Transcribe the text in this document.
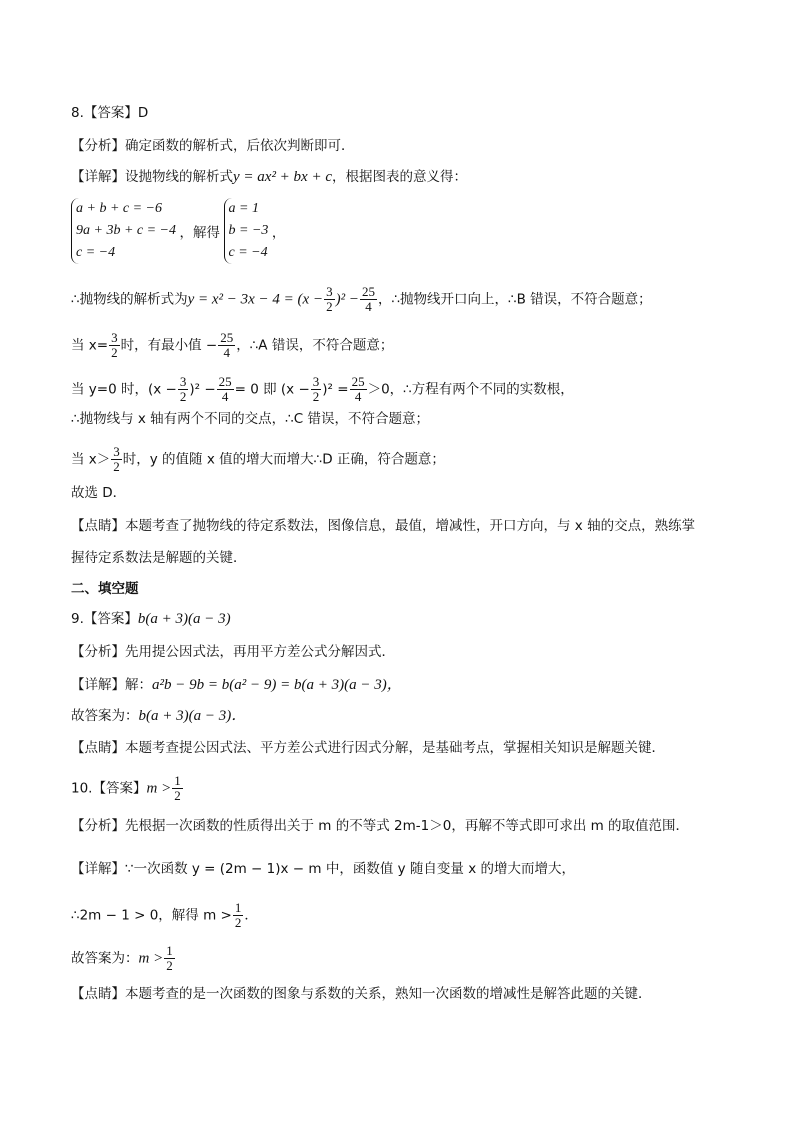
8.【答案】D
【分析】确定函数的解析式，后依次判断即可．
【详解】设抛物线的解析式y = ax² + bx + c，根据图表的意义得：
a + b + c = −6
9a + 3b + c = −4
c = −4
，解得
a = 1
b = −3
c = −4
，
∴抛物线的解析式为$y = x^2 - 3x - 4 = (x - \frac{3}{2} )^2 - \frac{25}{4}$ ，∴抛物线开口向上，∴B 错误，不符合题意；
当 $x= \frac{3}{2}$ 时，有最小值 − $\frac{25}{4}$ ，∴A 错误，不符合题意；
当 y=0 时，$(x - \frac{3}{2} )^2 - \frac{25}{4} = 0$ 即 $(x - \frac{3}{2} )^2 = \frac{25}{4} >0$，∴方程有两个不同的实数根，
∴抛物线与 x 轴有两个不同的交点，∴C 错误，不符合题意；
当 $x> \frac{3}{2}$ 时，y 的值随 x 值的增大而增大∴D 正确，符合题意；
故选 D．
【点睛】本题考查了抛物线的待定系数法，图像信息，最值，增减性，开口方向，与 x 轴的交点，熟练掌
握待定系数法是解题的关键．
二、填空题
9.【答案】b(a + 3)(a − 3)
【分析】先用提公因式法，再用平方差公式分解因式．
【详解】解：a²b − 9b = b(a² − 9) = b(a + 3)(a − 3)，
故答案为：b(a + 3)(a − 3)．
【点睛】本题考查提公因式法、平方差公式进行因式分解，是基础考点，掌握相关知识是解题关键．
10.【答案】$m > \frac{1}{2}$
【分析】先根据一次函数的性质得出关于 m 的不等式 2m-1＞0，再解不等式即可求出 m 的取值范围．
【详解】∵一次函数 y = (2m − 1)x − m 中，函数值 y 随自变量 x 的增大而增大，
∴2m − 1 > 0，解得 $m > \frac{1}{2}$ ．
故答案为：$m > \frac{1}{2}$
【点睛】本题考查的是一次函数的图象与系数的关系，熟知一次函数的增减性是解答此题的关键．
